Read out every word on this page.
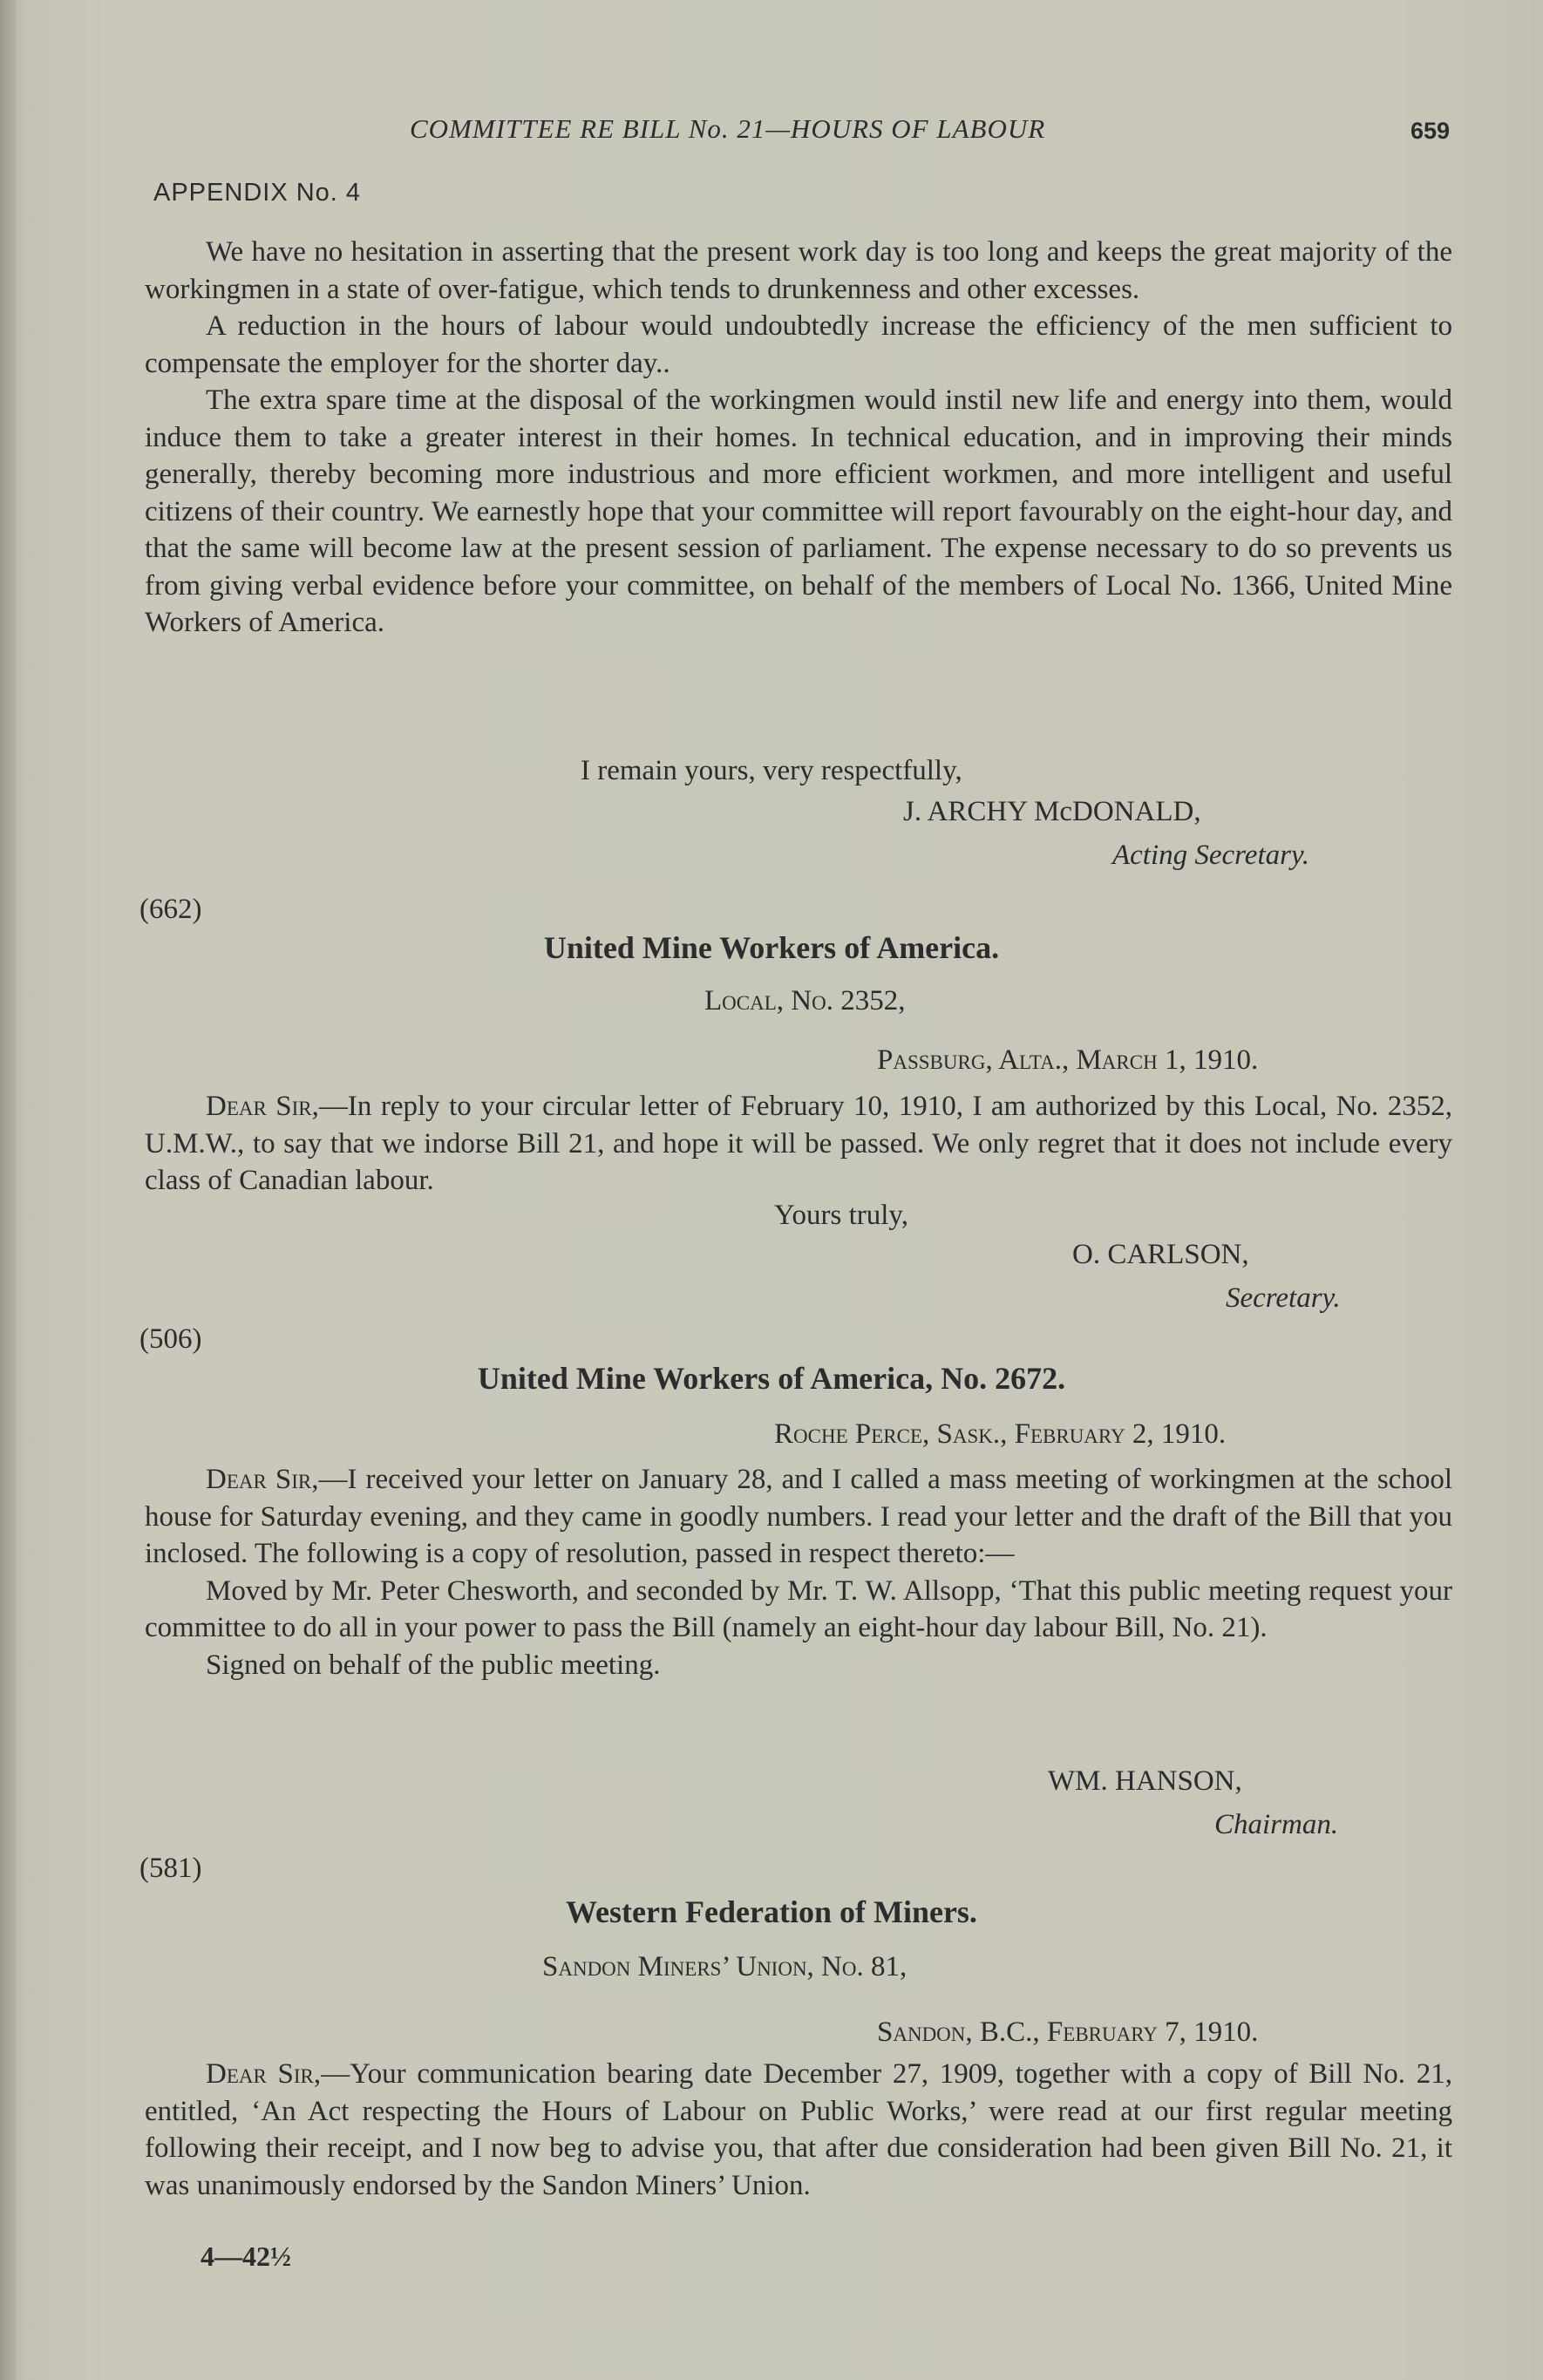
COMMITTEE RE BILL No. 21—HOURS OF LABOUR	659
APPENDIX No. 4

We have no hesitation in asserting that the present work day is too long and keeps the great majority of the workingmen in a state of over-fatigue, which tends to drunkenness and other excesses.

A reduction in the hours of labour would undoubtedly increase the efficiency of the men sufficient to compensate the employer for the shorter day..

The extra spare time at the disposal of the workingmen would instil new life and energy into them, would induce them to take a greater interest in their homes. In technical education, and in improving their minds generally, thereby becoming more industrious and more efficient workmen, and more intelligent and useful citizens of their country. We earnestly hope that your committee will report favourably on the eight-hour day, and that the same will become law at the present session of parliament. The expense necessary to do so prevents us from giving verbal evidence before your committee, on behalf of the members of Local No. 1366, United Mine Workers of America.

I remain yours, very respectfully,
J. ARCHY McDONALD,
Acting Secretary.
(662)
United Mine Workers of America.
Local, No. 2352,
Passburg, Alta., March 1, 1910.

Dear Sir,—In reply to your circular letter of February 10, 1910, I am authorized by this Local, No. 2352, U.M.W., to say that we indorse Bill 21, and hope it will be passed. We only regret that it does not include every class of Canadian labour.

Yours truly,
O. CARLSON,
Secretary.
(506)
United Mine Workers of America, No. 2672.
Roche Perce, Sask., February 2, 1910.

Dear Sir,—I received your letter on January 28, and I called a mass meeting of workingmen at the school house for Saturday evening, and they came in goodly numbers. I read your letter and the draft of the Bill that you inclosed. The following is a copy of resolution, passed in respect thereto:—

Moved by Mr. Peter Chesworth, and seconded by Mr. T. W. Allsopp, ‘That this public meeting request your committee to do all in your power to pass the Bill (namely an eight-hour day labour Bill, No. 21).

Signed on behalf of the public meeting.

WM. HANSON,
Chairman.
(581)
Western Federation of Miners.
Sandon Miners’ Union, No. 81,
Sandon, B.C., February 7, 1910.

Dear Sir,—Your communication bearing date December 27, 1909, together with a copy of Bill No. 21, entitled, ‘An Act respecting the Hours of Labour on Public Works,’ were read at our first regular meeting following their receipt, and I now beg to advise you, that after due consideration had been given Bill No. 21, it was unanimously endorsed by the Sandon Miners’ Union.

4—42½
